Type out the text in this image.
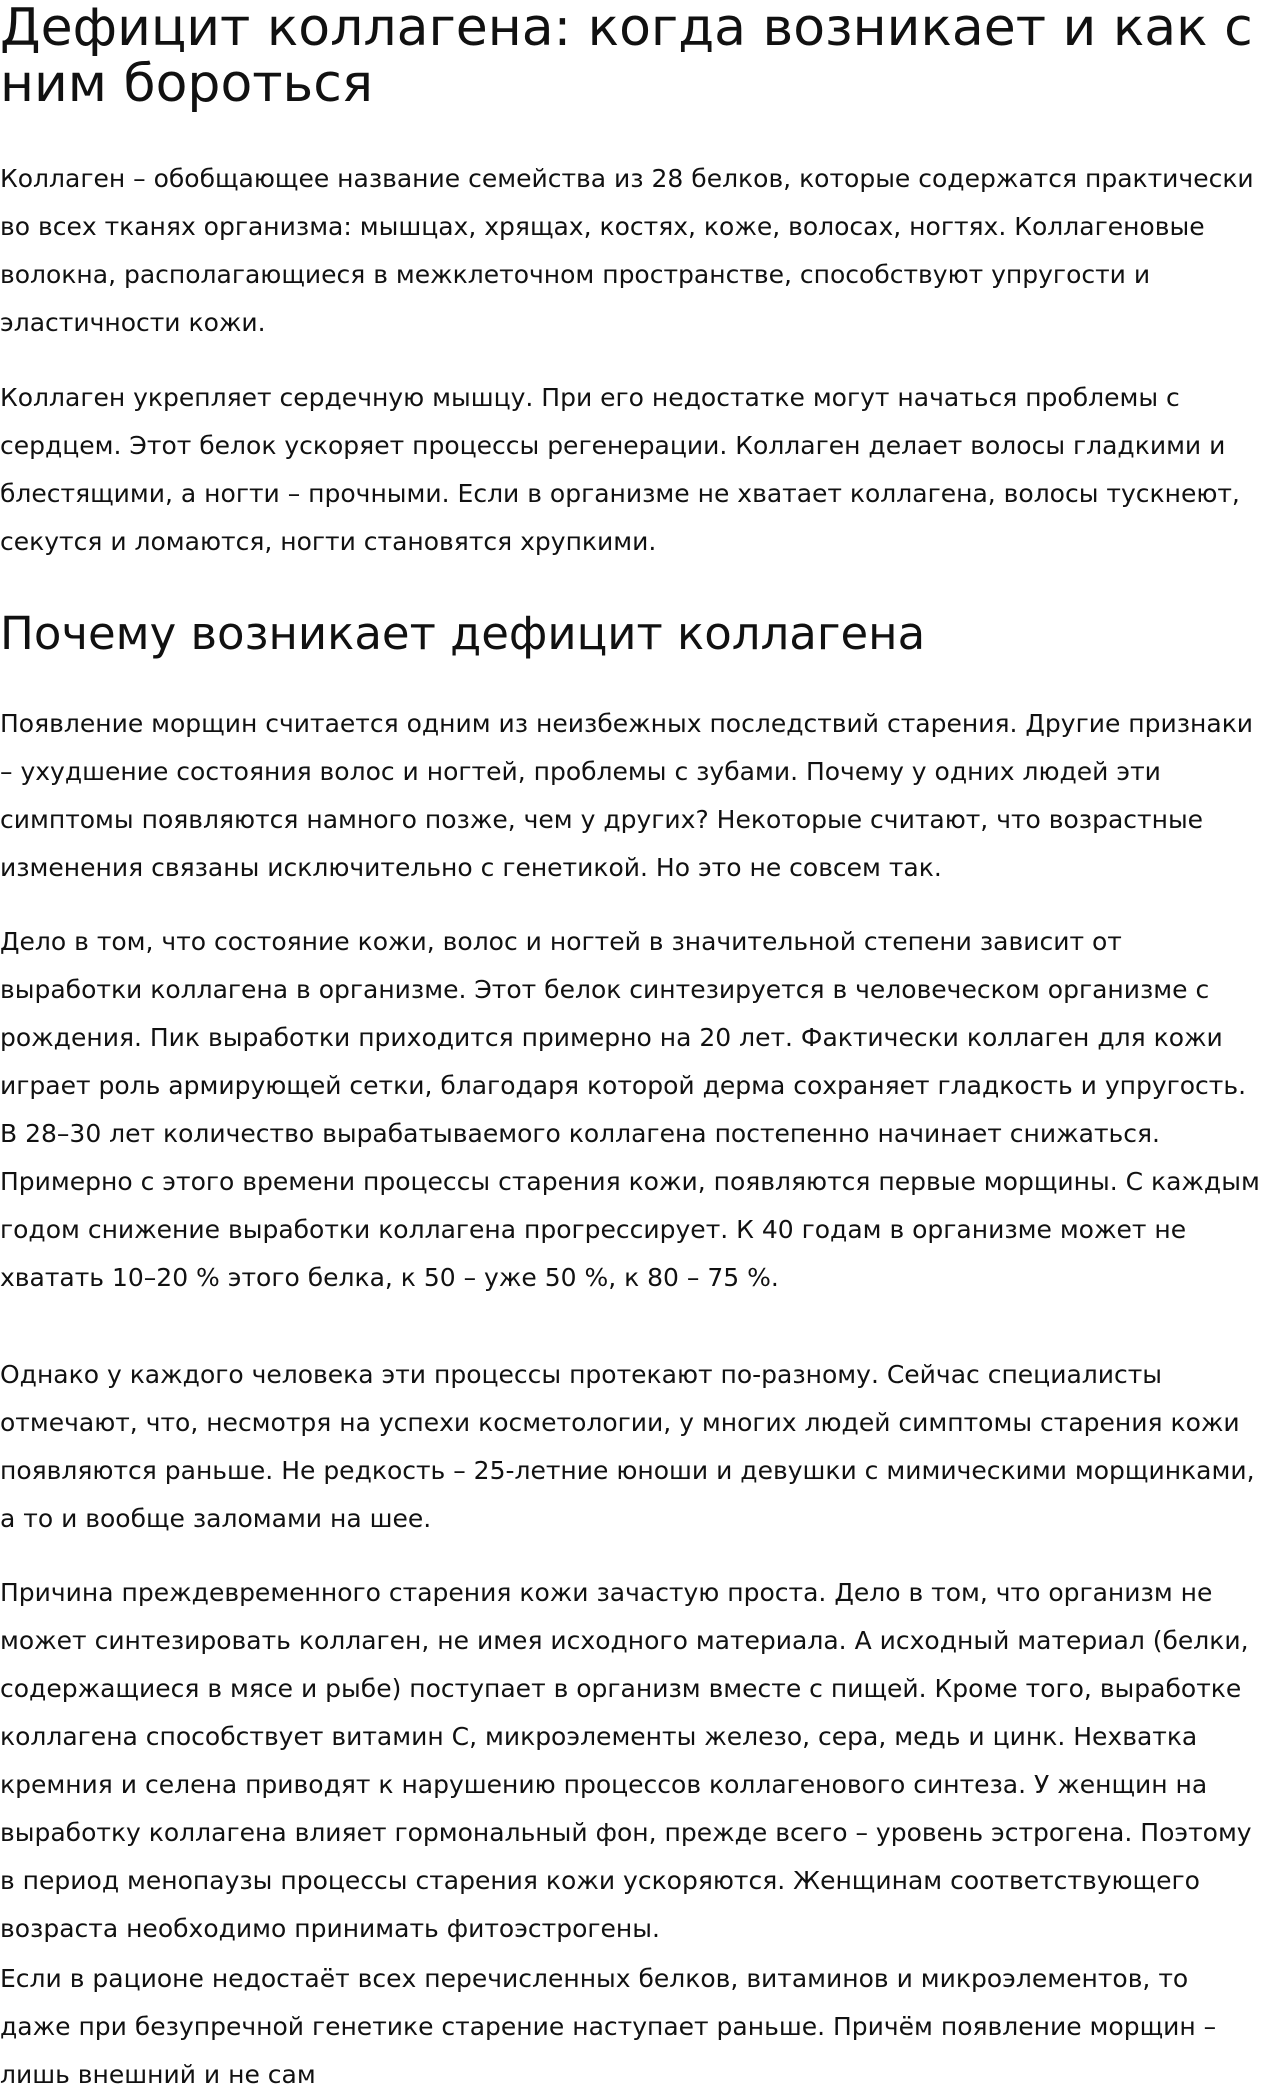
Дефицит коллагена: когда возникает и как с ним бороться

Коллаген – обобщающее название семейства из 28 белков, которые содержатся практически во всех тканях организма: мышцах, хрящах, костях, коже, волосах, ногтях. Коллагеновые волокна, располагающиеся в межклеточном пространстве, способствуют упругости и эластичности кожи.

Коллаген укрепляет сердечную мышцу. При его недостатке могут начаться проблемы с сердцем. Этот белок ускоряет процессы регенерации. Коллаген делает волосы гладкими и блестящими, а ногти – прочными. Если в организме не хватает коллагена, волосы тускнеют, секутся и ломаются, ногти становятся хрупкими.

Почему возникает дефицит коллагена

Появление морщин считается одним из неизбежных последствий старения. Другие признаки – ухудшение состояния волос и ногтей, проблемы с зубами. Почему у одних людей эти симптомы появляются намного позже, чем у других? Некоторые считают, что возрастные изменения связаны исключительно с генетикой. Но это не совсем так.

Дело в том, что состояние кожи, волос и ногтей в значительной степени зависит от выработки коллагена в организме. Этот белок синтезируется в человеческом организме с рождения. Пик выработки приходится примерно на 20 лет. Фактически коллаген для кожи играет роль армирующей сетки, благодаря которой дерма сохраняет гладкость и упругость. В 28–30 лет количество вырабатываемого коллагена постепенно начинает снижаться. Примерно с этого времени процессы старения кожи, появляются первые морщины. С каждым годом снижение выработки коллагена прогрессирует. К 40 годам в организме может не хватать 10–20 % этого белка, к 50 – уже 50 %, к 80 – 75 %.

Однако у каждого человека эти процессы протекают по-разному. Сейчас специалисты отмечают, что, несмотря на успехи косметологии, у многих людей симптомы старения кожи появляются раньше. Не редкость – 25-летние юноши и девушки с мимическими морщинками, а то и вообще заломами на шее.

Причина преждевременного старения кожи зачастую проста. Дело в том, что организм не может синтезировать коллаген, не имея исходного материала. А исходный материал (белки, содержащиеся в мясе и рыбе) поступает в организм вместе с пищей. Кроме того, выработке коллагена способствует витамин С, микроэлементы железо, сера, медь и цинк. Нехватка кремния и селена приводят к нарушению процессов коллагенового синтеза. У женщин на выработку коллагена влияет гормональный фон, прежде всего – уровень эстрогена. Поэтому в период менопаузы процессы старения кожи ускоряются. Женщинам соответствующего возраста необходимо принимать фитоэстрогены.

Если в рационе недостаёт всех перечисленных белков, витаминов и микроэлементов, то даже при безупречной генетике старение наступает раньше. Причём появление морщин – лишь внешний и не сам
